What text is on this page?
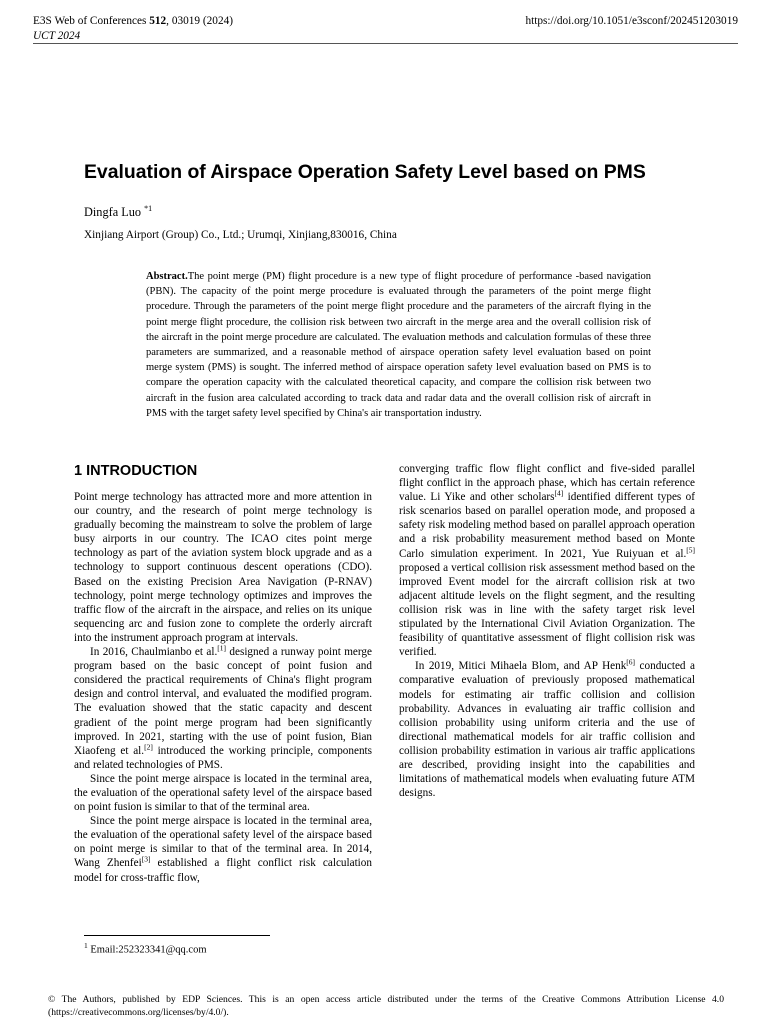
E3S Web of Conferences 512, 03019 (2024)	https://doi.org/10.1051/e3sconf/202451203019
UCT 2024
Evaluation of Airspace Operation Safety Level based on PMS
Dingfa Luo $^{*1}$
Xinjiang Airport (Group) Co., Ltd.; Urumqi, Xinjiang,830016, China
Abstract.The point merge (PM) flight procedure is a new type of flight procedure of performance -based navigation (PBN). The capacity of the point merge procedure is evaluated through the parameters of the point merge flight procedure. Through the parameters of the point merge flight procedure and the parameters of the aircraft flying in the point merge flight procedure, the collision risk between two aircraft in the merge area and the overall collision risk of the aircraft in the point merge procedure are calculated. The evaluation methods and calculation formulas of these three parameters are summarized, and a reasonable method of airspace operation safety level evaluation based on point merge system (PMS) is sought. The inferred method of airspace operation safety level evaluation based on PMS is to compare the operation capacity with the calculated theoretical capacity, and compare the collision risk between two aircraft in the fusion area calculated according to track data and radar data and the overall collision risk of aircraft in PMS with the target safety level specified by China's air transportation industry.
1 INTRODUCTION

Point merge technology has attracted more and more attention in our country, and the research of point merge technology is gradually becoming the mainstream to solve the problem of large busy airports in our country. The ICAO cites point merge technology as part of the aviation system block upgrade and as a technology to support continuous descent operations (CDO). Based on the existing Precision Area Navigation (P-RNAV) technology, point merge technology optimizes and improves the traffic flow of the aircraft in the airspace, and relies on its unique sequencing arc and fusion zone to complete the orderly aircraft into the instrument approach program at intervals.

In 2016, Chaulmianbo et al.[1] designed a runway point merge program based on the basic concept of point fusion and considered the practical requirements of China's flight program design and control interval, and evaluated the modified program. The evaluation showed that the static capacity and descent gradient of the point merge program had been significantly improved. In 2021, starting with the use of point fusion, Bian Xiaofeng et al.[2] introduced the working principle, components and related technologies of PMS.

Since the point merge airspace is located in the terminal area, the evaluation of the operational safety level of the airspace based on point fusion is similar to that of the terminal area.

Since the point merge airspace is located in the terminal area, the evaluation of the operational safety level of the airspace based on point merge is similar to that of the terminal area. In 2014, Wang Zhenfei[3] established a flight conflict risk calculation model for cross-traffic flow,

converging traffic flow flight conflict and five-sided parallel flight conflict in the approach phase, which has certain reference value. Li Yike and other scholars[4] identified different types of risk scenarios based on parallel operation mode, and proposed a safety risk modeling method based on parallel approach operation and a risk probability measurement method based on Monte Carlo simulation experiment. In 2021, Yue Ruiyuan et al.[5] proposed a vertical collision risk assessment method based on the improved Event model for the aircraft collision risk at two adjacent altitude levels on the flight segment, and the resulting collision risk was in line with the safety target risk level stipulated by the International Civil Aviation Organization. The feasibility of quantitative assessment of flight collision risk was verified.

In 2019, Mitici Mihaela Blom, and AP Henk[6] conducted a comparative evaluation of previously proposed mathematical models for estimating air traffic collision and collision probability. Advances in evaluating air traffic collision and collision probability using uniform criteria and the use of directional mathematical models for air traffic collision and collision probability estimation in various air traffic applications are described, providing insight into the capabilities and limitations of mathematical models when evaluating future ATM designs.

$^1$ Email:252323341@qq.com
© The Authors, published by EDP Sciences. This is an open access article distributed under the terms of the Creative Commons Attribution License 4.0 (https://creativecommons.org/licenses/by/4.0/).
